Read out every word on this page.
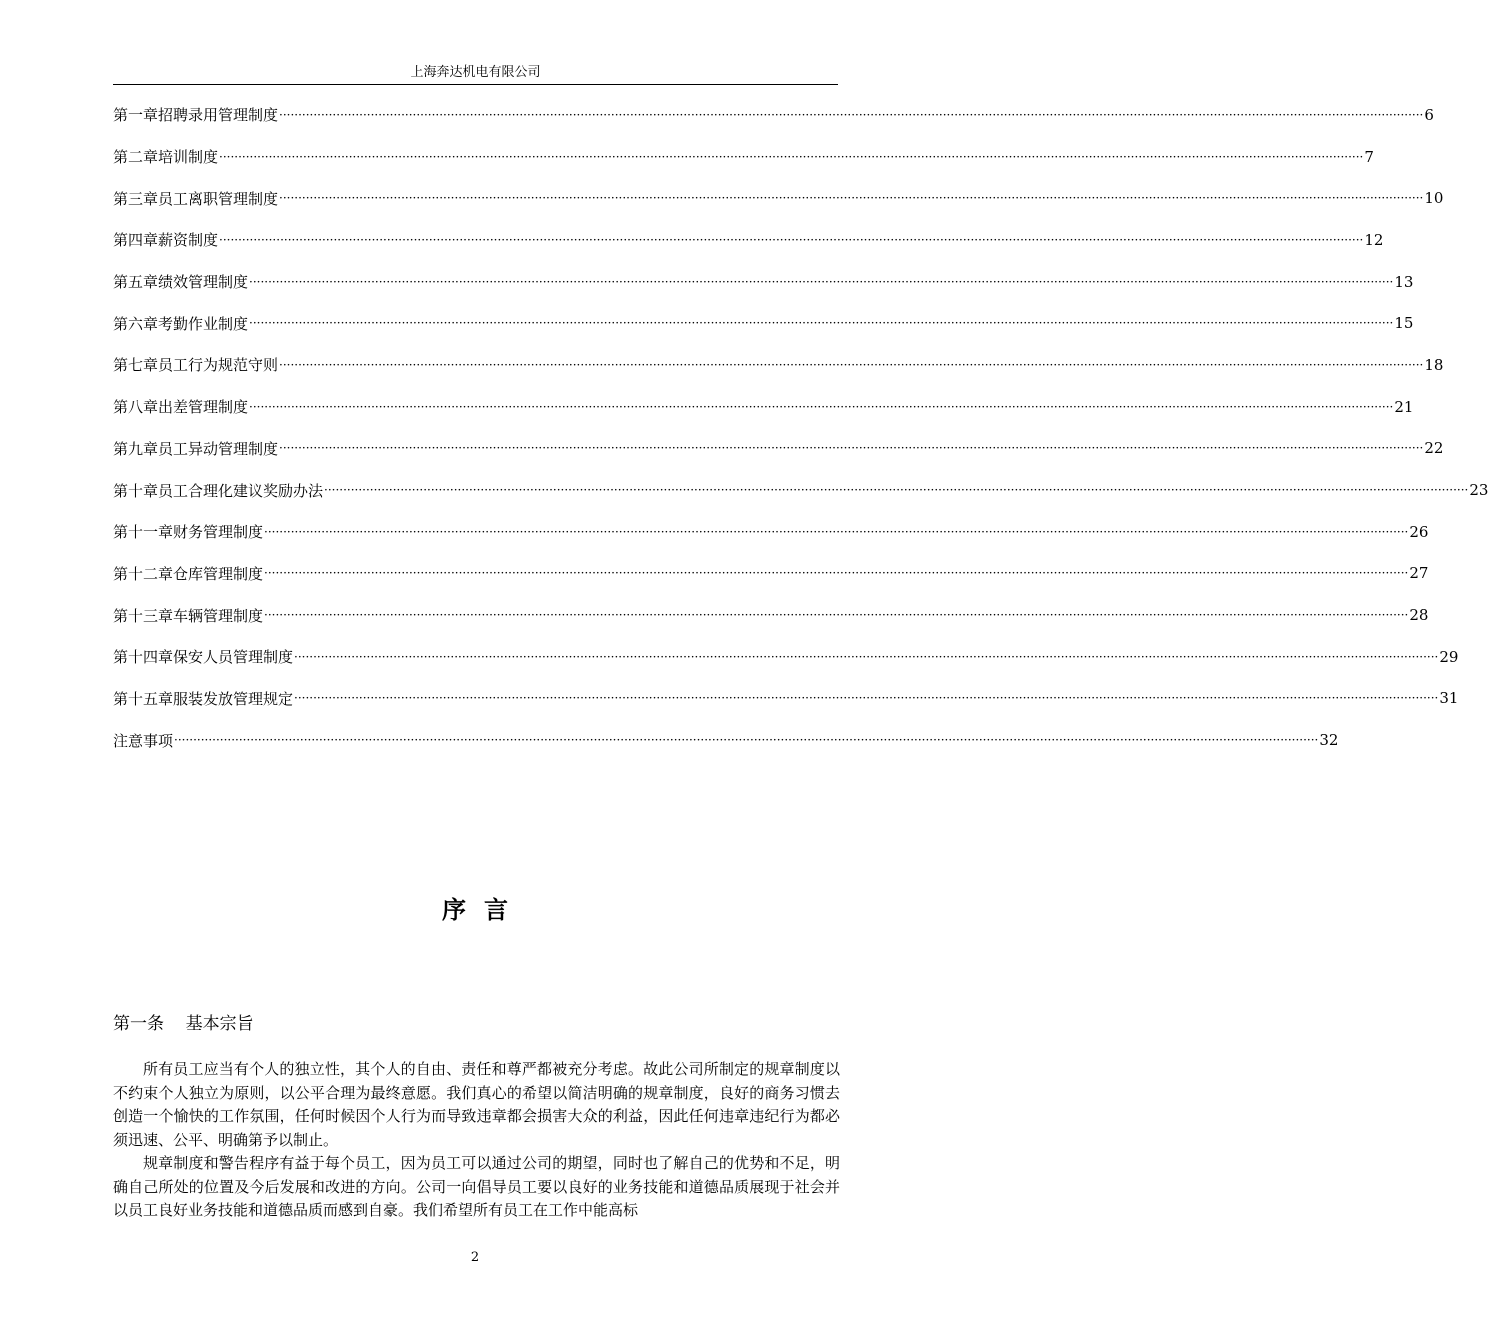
上海奔达机电有限公司
第一章 招聘录用管理制度 ············································································································································································································································································································ 6
第二章 培训制度 ············································································································································································································································································································ 7
第三章 员工离职管理制度 ············································································································································································································································································································ 10
第四章 薪资制度 ············································································································································································································································································································ 12
第五章 绩效管理制度 ············································································································································································································································································································ 13
第六章 考勤作业制度 ············································································································································································································································································································ 15
第七章 员工行为规范守则 ············································································································································································································································································································ 18
第八章 出差管理制度 ············································································································································································································································································································ 21
第九章 员工异动管理制度 ············································································································································································································································································································ 22
第十章 员工合理化建议奖励办法 ············································································································································································································································································································ 23
第十一章 财务管理制度 ············································································································································································································································································································ 26
第十二章 仓库管理制度 ············································································································································································································································································································ 27
第十三章 车辆管理制度 ············································································································································································································································································································ 28
第十四章 保安人员管理制度 ············································································································································································································································································································ 29
第十五章 服装发放管理规定 ············································································································································································································································································································ 31
注意事项 ············································································································································································································································································································ 32
序言
第一条 基本宗旨

所有员工应当有个人的独立性，其个人的自由、责任和尊严都被充分考虑。故此公司所制定的规章制度以不约束个人独立为原则，以公平合理为最终意愿。我们真心的希望以简洁明确的规章制度，良好的商务习惯去创造一个愉快的工作氛围，任何时候因个人行为而导致违章都会损害大众的利益，因此任何违章违纪行为都必须迅速、公平、明确第予以制止。

规章制度和警告程序有益于每个员工，因为员工可以通过公司的期望，同时也了解自己的优势和不足，明确自己所处的位置及今后发展和改进的方向。公司一向倡导员工要以良好的业务技能和道德品质展现于社会并以员工良好业务技能和道德品质而感到自豪。我们希望所有员工在工作中能高标

2
